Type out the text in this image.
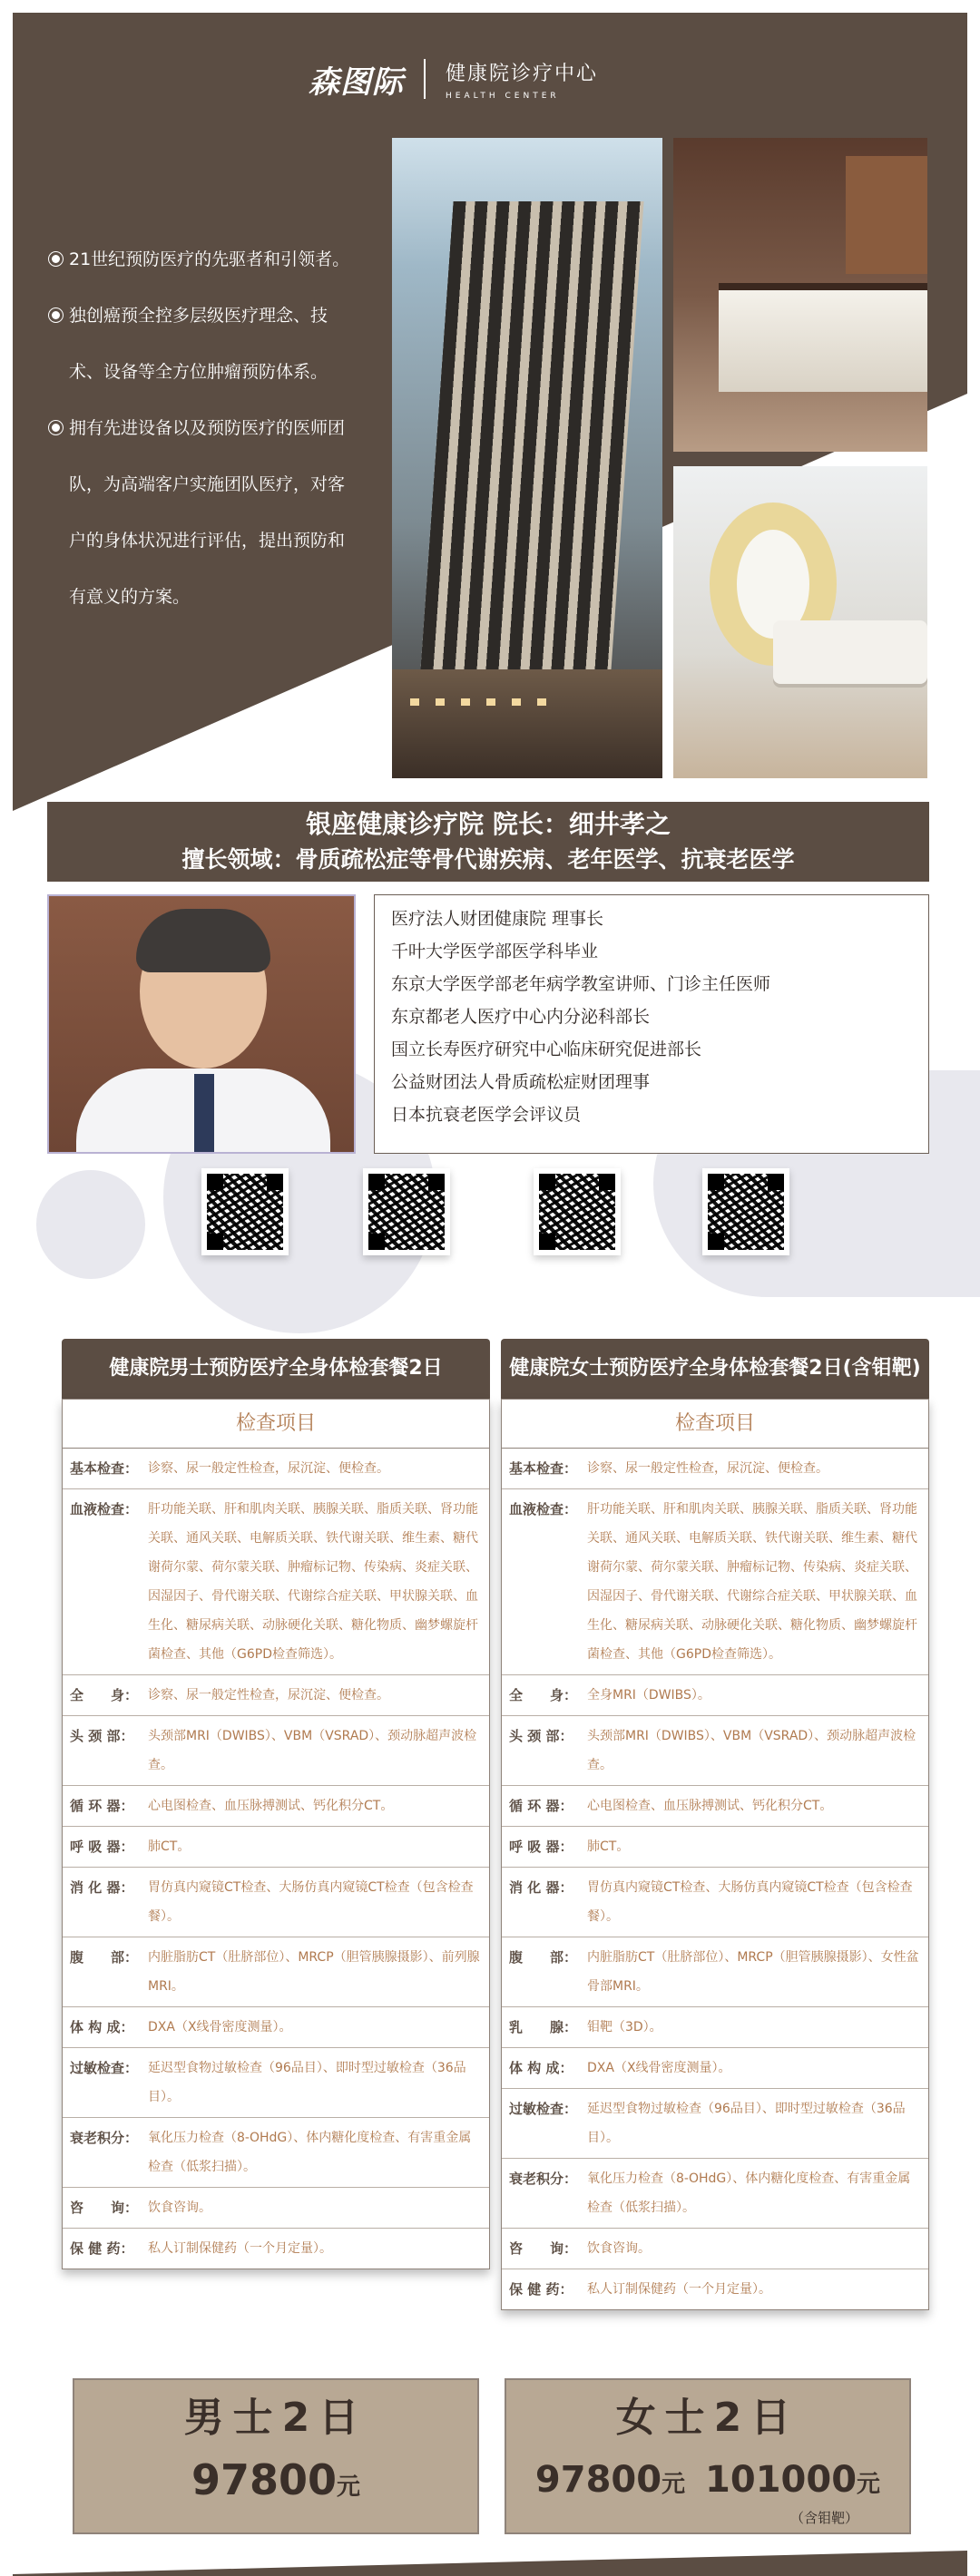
森图际 健康院诊疗中心
HEALTH CENTER
21世纪预防医疗的先驱者和引领者。
独创癌预全控多层级医疗理念、技
术、设备等全方位肿瘤预防体系。
拥有先进设备以及预防医疗的医师团
队，为高端客户实施团队医疗，对客
户的身体状况进行评估，提出预防和
有意义的方案。
银座健康诊疗院 院长：细井孝之
擅长领域：骨质疏松症等骨代谢疾病、老年医学、抗衰老医学
医疗法人财团健康院 理事长
千叶大学医学部医学科毕业
东京大学医学部老年病学教室讲师、门诊主任医师
东京都老人医疗中心内分泌科部长
国立长寿医疗研究中心临床研究促进部长
公益财团法人骨质疏松症财团理事
日本抗衰老医学会评议员
健康院男士预防医疗全身体检套餐2日
检查项目
基本检查： 诊察、尿一般定性检查，尿沉淀、便检查。
血液检查： 肝功能关联、肝和肌肉关联、胰腺关联、脂质关联、肾功能关联、通风关联、电解质关联、铁代谢关联、维生素、糖代谢荷尔蒙、荷尔蒙关联、肿瘤标记物、传染病、炎症关联、因湿因子、骨代谢关联、代谢综合症关联、甲状腺关联、血生化、糖尿病关联、动脉硬化关联、糖化物质、幽梦螺旋杆菌检查、其他（G6PD检查筛选）。
全　　身： 诊察、尿一般定性检查，尿沉淀、便检查。
头 颈 部：	头颈部MRI（DWIBS）、VBM（VSRAD）、颈动脉超声波检查。
循 环 器：	心电图检查、血压脉搏测试、钙化积分CT。
呼 吸 器：	肺CT。
消 化 器：	胃仿真内窥镜CT检查、大肠仿真内窥镜CT检查（包含检查餐）。
腹　　部： 内脏脂肪CT（肚脐部位）、MRCP（胆管胰腺摄影）、前列腺MRI。
体 构 成：	DXA（X线骨密度测量）。
过敏检查： 延迟型食物过敏检查（96品目）、即时型过敏检查（36品目）。
衰老积分： 氧化压力检查（8-OHdG）、体内糖化度检查、有害重金属检查（低浆扫描）。
咨　　询： 饮食咨询。
保 健 药：	私人订制保健药（一个月定量）。
健康院女士预防医疗全身体检套餐2日(含钼靶)
检查项目
基本检查： 诊察、尿一般定性检查，尿沉淀、便检查。
血液检查： 肝功能关联、肝和肌肉关联、胰腺关联、脂质关联、肾功能关联、通风关联、电解质关联、铁代谢关联、维生素、糖代谢荷尔蒙、荷尔蒙关联、肿瘤标记物、传染病、炎症关联、因湿因子、骨代谢关联、代谢综合症关联、甲状腺关联、血生化、糖尿病关联、动脉硬化关联、糖化物质、幽梦螺旋杆菌检查、其他（G6PD检查筛选）。
全　　身： 全身MRI（DWIBS）。
头 颈 部：	头颈部MRI（DWIBS）、VBM（VSRAD）、颈动脉超声波检查。
循 环 器：	心电图检查、血压脉搏测试、钙化积分CT。
呼 吸 器：	肺CT。
消 化 器：	胃仿真内窥镜CT检查、大肠仿真内窥镜CT检查（包含检查餐）。
腹　　部： 内脏脂肪CT（肚脐部位）、MRCP（胆管胰腺摄影）、女性盆骨部MRI。
乳　　腺： 钼靶（3D）。
体 构 成：	DXA（X线骨密度测量）。
过敏检查： 延迟型食物过敏检查（96品目）、即时型过敏检查（36品目）。
衰老积分： 氧化压力检查（8-OHdG）、体内糖化度检查、有害重金属检查（低浆扫描）。
咨　　询： 饮食咨询。
保 健 药：	私人订制保健药（一个月定量）。
男士2日
97800元
女士2日
97800元 101000元
（含钼靶）
